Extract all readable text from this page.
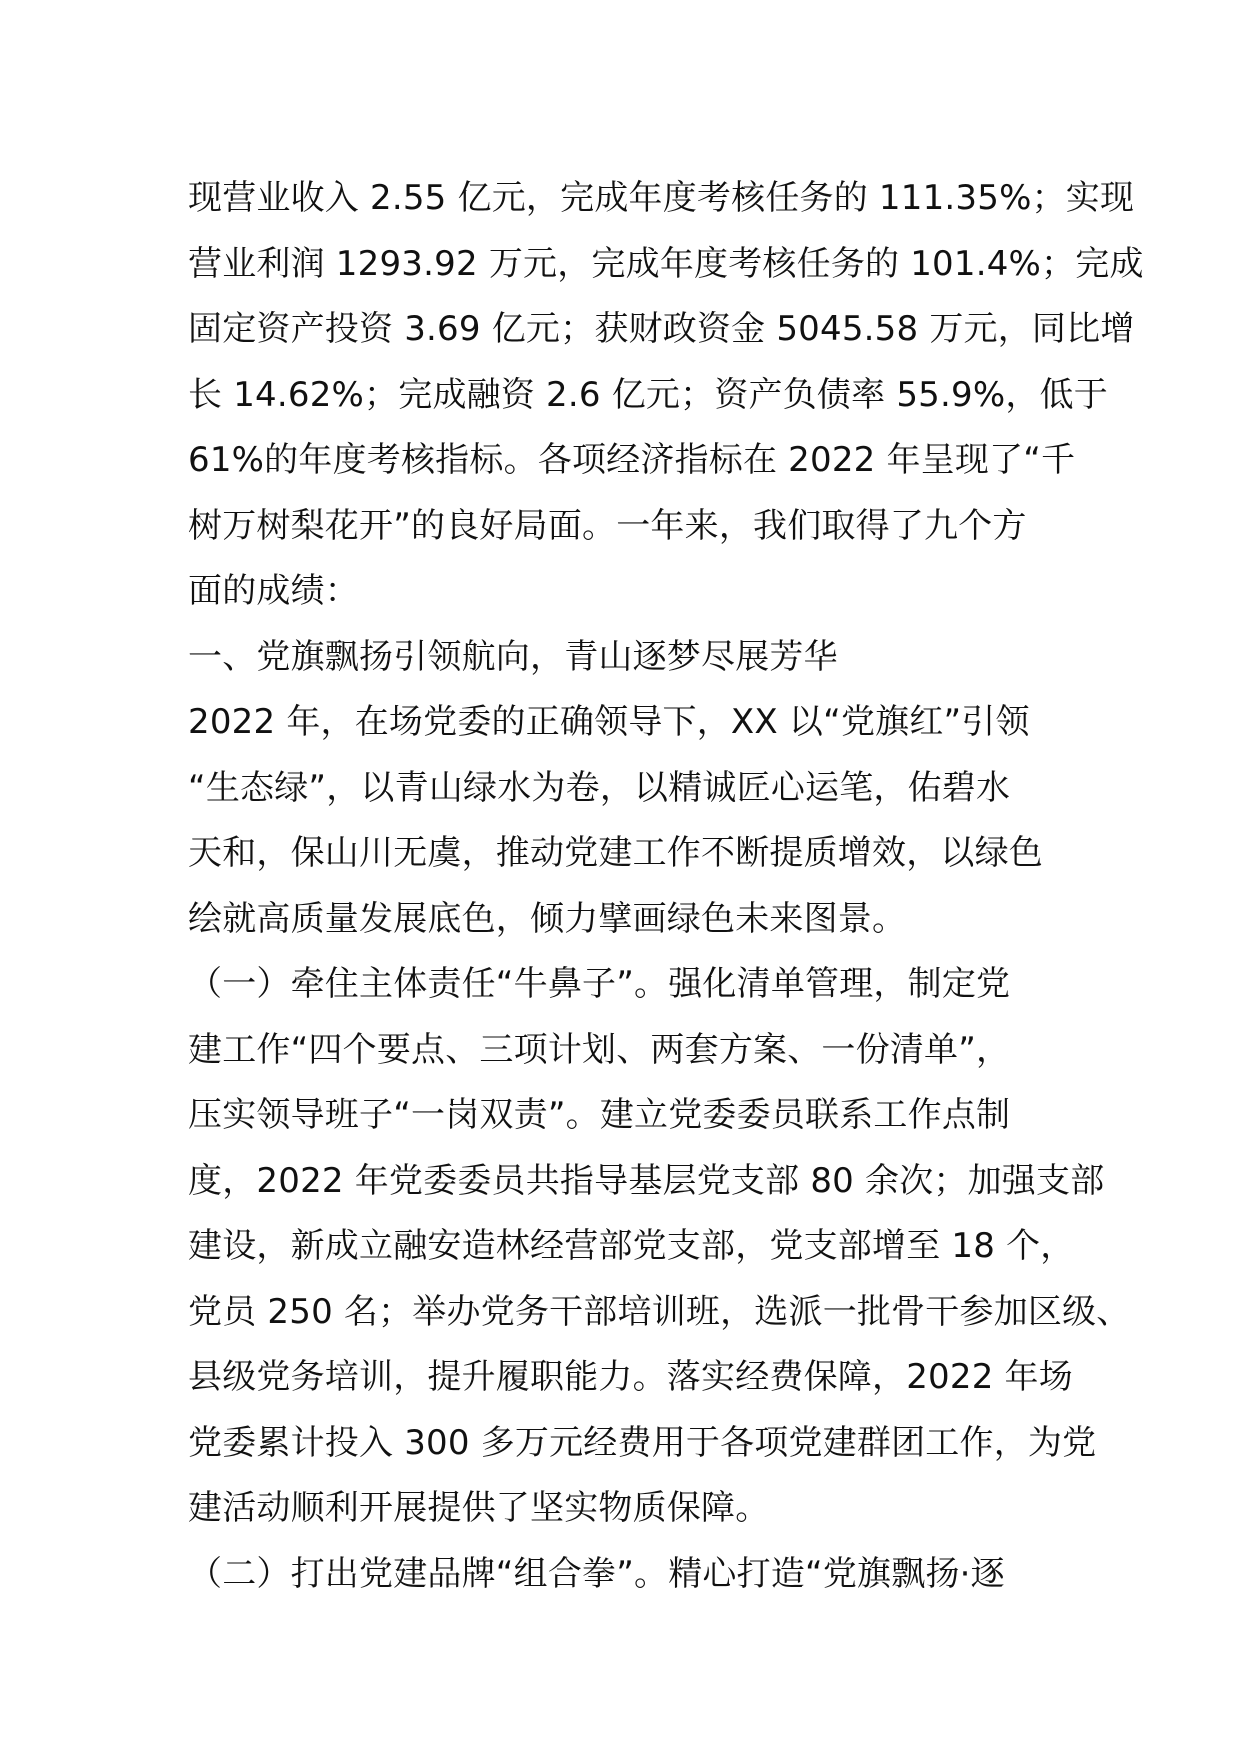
现营业收入 2.55 亿元，完成年度考核任务的 111.35%；实现
营业利润 1293.92 万元，完成年度考核任务的 101.4%；完成
固定资产投资 3.69 亿元；获财政资金 5045.58 万元，同比增
长 14.62%；完成融资 2.6 亿元；资产负债率 55.9%，低于
61%的年度考核指标。各项经济指标在 2022 年呈现了“千
树万树梨花开”的良好局面。一年来，我们取得了九个方
面的成绩：
一、党旗飘扬引领航向，青山逐梦尽展芳华
2022 年，在场党委的正确领导下，XX 以“党旗红”引领
“生态绿”，以青山绿水为卷，以精诚匠心运笔，佑碧水
天和，保山川无虞，推动党建工作不断提质增效，以绿色
绘就高质量发展底色，倾力擘画绿色未来图景。
（一）牵住主体责任“牛鼻子”。强化清单管理，制定党
建工作“四个要点、三项计划、两套方案、一份清单”，
压实领导班子“一岗双责”。建立党委委员联系工作点制
度，2022 年党委委员共指导基层党支部 80 余次；加强支部
建设，新成立融安造林经营部党支部，党支部增至 18 个，
党员 250 名；举办党务干部培训班，选派一批骨干参加区级、
县级党务培训，提升履职能力。落实经费保障，2022 年场
党委累计投入 300 多万元经费用于各项党建群团工作，为党
建活动顺利开展提供了坚实物质保障。
（二）打出党建品牌“组合拳”。精心打造“党旗飘扬·逐
